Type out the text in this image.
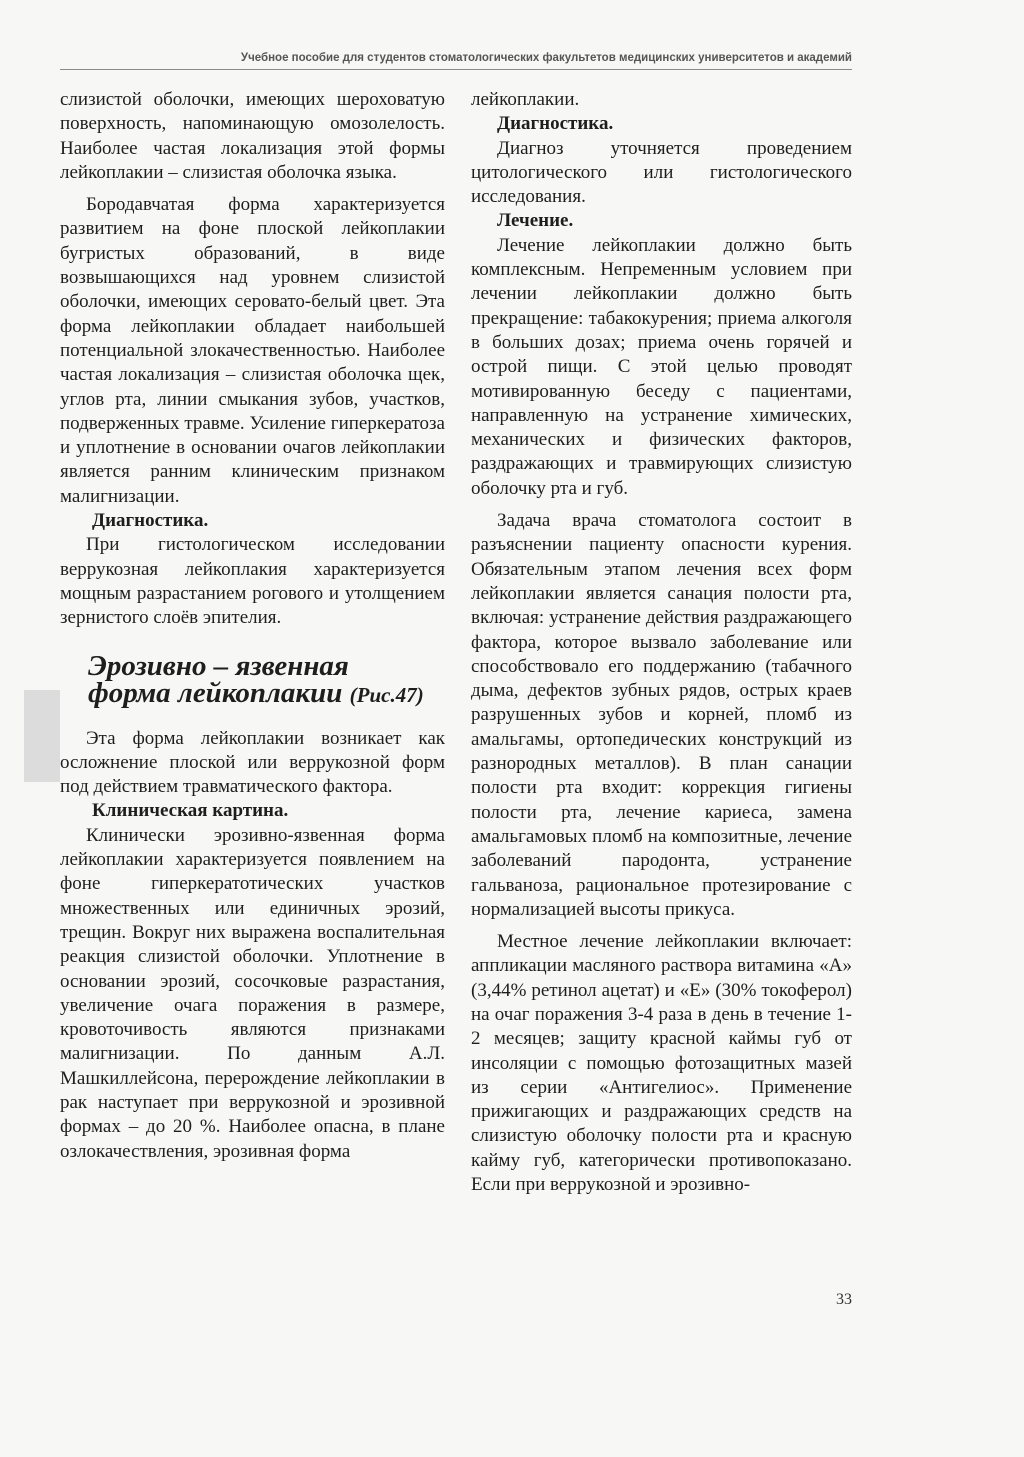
Учебное пособие для студентов стоматологических факультетов медицинских университетов и академий

слизистой оболочки, имеющих шероховатую поверхность, напоминающую омозолелость. Наиболее частая локализация этой формы лейкоплакии – слизистая оболочка языка.

Бородавчатая форма характеризуется развитием на фоне плоской лейкоплакии бугристых образований, в виде возвышающихся над уровнем слизистой оболочки, имеющих серовато-белый цвет. Эта форма лейкоплакии обладает наибольшей потенциальной злокачественностью. Наиболее частая локализация – слизистая оболочка щек, углов рта, линии смыкания зубов, участков, подверженных травме. Усиление гиперкератоза и уплотнение в основании очагов лейкоплакии является ранним клиническим признаком малигнизации.

Диагностика.

При гистологическом исследовании веррукозная лейкоплакия характеризуется мощным разрастанием рогового и утолщением зернистого слоёв эпителия.

Эрозивно – язвенная
форма лейкоплакии (Рис.47)

Эта форма лейкоплакии возникает как осложнение плоской или веррукозной форм под действием травматического фактора.

Клиническая картина.

Клинически эрозивно-язвенная форма лейкоплакии характеризуется появлением на фоне гиперкератотических участков множественных или единичных эрозий, трещин. Вокруг них выражена воспалительная реакция слизистой оболочки. Уплотнение в основании эрозий, сосочковые разрастания, увеличение очага поражения в размере, кровоточивость являются признаками малигнизации. По данным А.Л. Машкиллейсона, перерождение лейкоплакии в рак наступает при веррукозной и эрозивной формах – до 20 %. Наиболее опасна, в плане озлокачествления, эрозивная форма

лейкоплакии.

Диагностика.

Диагноз уточняется проведением цитологического или гистологического исследования.

Лечение.

Лечение лейкоплакии должно быть комплексным. Непременным условием при лечении лейкоплакии должно быть прекращение: табакокурения; приема алкоголя в больших дозах; приема очень горячей и острой пищи. С этой целью проводят мотивированную беседу с пациентами, направленную на устранение химических, механических и физических факторов, раздражающих и травмирующих слизистую оболочку рта и губ.

Задача врача стоматолога состоит в разъяснении пациенту опасности курения. Обязательным этапом лечения всех форм лейкоплакии является санация полости рта, включая: устранение действия раздражающего фактора, которое вызвало заболевание или способствовало его поддержанию (табачного дыма, дефектов зубных рядов, острых краев разрушенных зубов и корней, пломб из амальгамы, ортопедических конструкций из разнородных металлов). В план санации полости рта входит: коррекция гигиены полости рта, лечение кариеса, замена амальгамовых пломб на композитные, лечение заболеваний пародонта, устранение гальваноза, рациональное протезирование с нормализацией высоты прикуса.

Местное лечение лейкоплакии включает: аппликации масляного раствора витамина «А» (3,44% ретинол ацетат) и «Е» (30% токоферол) на очаг поражения 3-4 раза в день в течение 1-2 месяцев; защиту красной каймы губ от инсоляции с помощью фотозащитных мазей из серии «Антигелиос». Применение прижигающих и раздражающих средств на слизистую оболочку полости рта и красную кайму губ, категорически противопоказано. Если при веррукозной и эрозивно-

33
